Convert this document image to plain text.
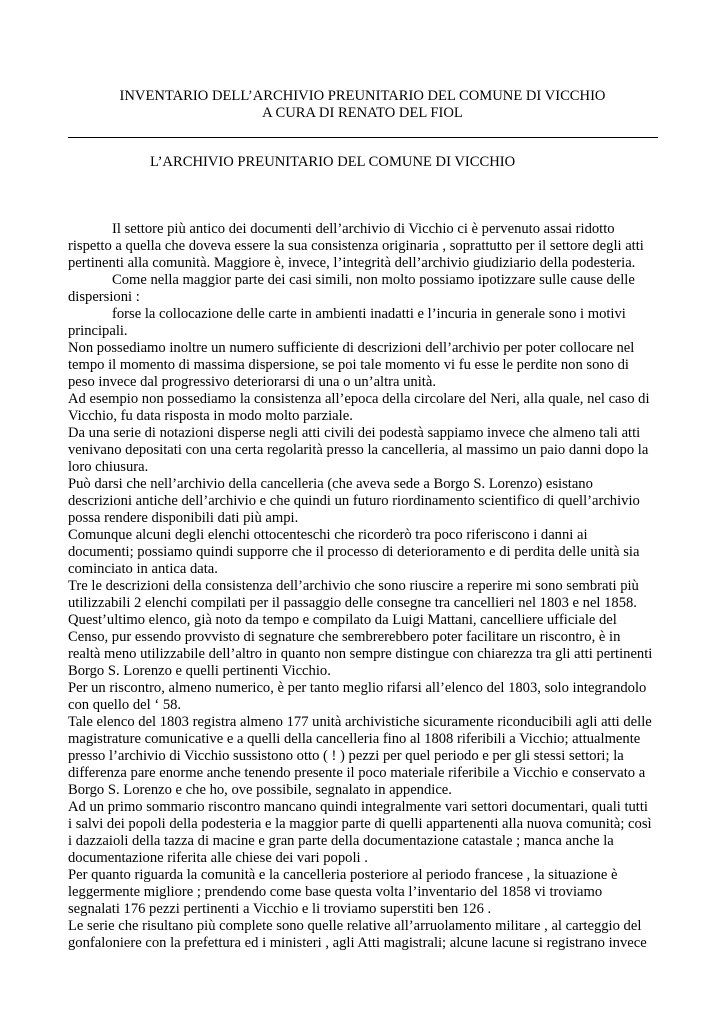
INVENTARIO DELL’ARCHIVIO PREUNITARIO DEL COMUNE DI VICCHIO
A CURA DI RENATO DEL FIOL
L’ARCHIVIO PREUNITARIO DEL COMUNE DI VICCHIO

Il settore più antico dei documenti dell’archivio di Vicchio ci è pervenuto assai ridotto

rispetto a quella che doveva essere la sua consistenza originaria , soprattutto per il settore degli atti

pertinenti alla comunità. Maggiore è, invece, l’integrità dell’archivio giudiziario della podesteria.

Come nella maggior parte dei casi simili, non molto possiamo ipotizzare sulle cause delle

dispersioni :

forse la collocazione delle carte in ambienti inadatti e l’incuria in generale sono i motivi

principali.

Non possediamo inoltre un numero sufficiente di descrizioni dell’archivio per poter collocare nel

tempo il momento di massima dispersione, se poi tale momento vi fu esse le perdite non sono di

peso invece dal progressivo deteriorarsi di una o un’altra unità.

Ad esempio non possediamo la consistenza all’epoca della circolare del Neri, alla quale, nel caso di

Vicchio, fu data risposta in modo molto parziale.

Da una serie di notazioni disperse negli atti civili dei podestà sappiamo invece che almeno tali atti

venivano depositati con una certa regolarità presso la cancelleria, al massimo un paio danni dopo la

loro chiusura.

Può darsi che nell’archivio della cancelleria (che aveva sede a Borgo S. Lorenzo) esistano

descrizioni antiche dell’archivio e che quindi un futuro riordinamento scientifico di quell’archivio

possa rendere disponibili dati più ampi.

Comunque alcuni degli elenchi ottocenteschi che ricorderò tra poco riferiscono i danni ai

documenti; possiamo quindi supporre che il processo di deterioramento e di perdita delle unità sia

cominciato in antica data.

Tre le descrizioni della consistenza dell’archivio che sono riuscire a reperire mi sono sembrati più

utilizzabili 2 elenchi compilati per il passaggio delle consegne tra cancellieri nel 1803 e nel 1858.

Quest’ultimo elenco, già noto da tempo e compilato da Luigi Mattani, cancelliere ufficiale del

Censo, pur essendo provvisto di segnature che sembrerebbero poter facilitare un riscontro, è in

realtà meno utilizzabile dell’altro in quanto non sempre distingue con chiarezza tra gli atti pertinenti

Borgo S. Lorenzo e quelli pertinenti Vicchio.

Per un riscontro, almeno numerico, è per tanto meglio rifarsi all’elenco del 1803, solo integrandolo

con quello del ‘ 58.

Tale elenco del 1803 registra almeno 177 unità archivistiche sicuramente riconducibili agli atti delle

magistrature comunicative e a quelli della cancelleria fino al 1808 riferibili a Vicchio; attualmente

presso l’archivio di Vicchio sussistono otto ( ! ) pezzi per quel periodo e per gli stessi settori; la

differenza pare enorme anche tenendo presente il poco materiale riferibile a Vicchio e conservato a

Borgo S. Lorenzo e che ho, ove possibile, segnalato in appendice.

Ad un primo sommario riscontro mancano quindi integralmente vari settori documentari, quali tutti

i salvi dei popoli della podesteria e la maggior parte di quelli appartenenti alla nuova comunità; così

i dazzaioli della tazza di macine e gran parte della documentazione catastale ; manca anche la

documentazione riferita alle chiese dei vari popoli .

Per quanto riguarda la comunità e la cancelleria posteriore al periodo francese , la situazione è

leggermente migliore ; prendendo come base questa volta l’inventario del 1858 vi troviamo

segnalati 176 pezzi pertinenti a Vicchio e li troviamo superstiti ben 126 .

Le serie che risultano più complete sono quelle relative all’arruolamento militare , al carteggio del

gonfaloniere con la prefettura ed i ministeri , agli Atti magistrali; alcune lacune si registrano invece
